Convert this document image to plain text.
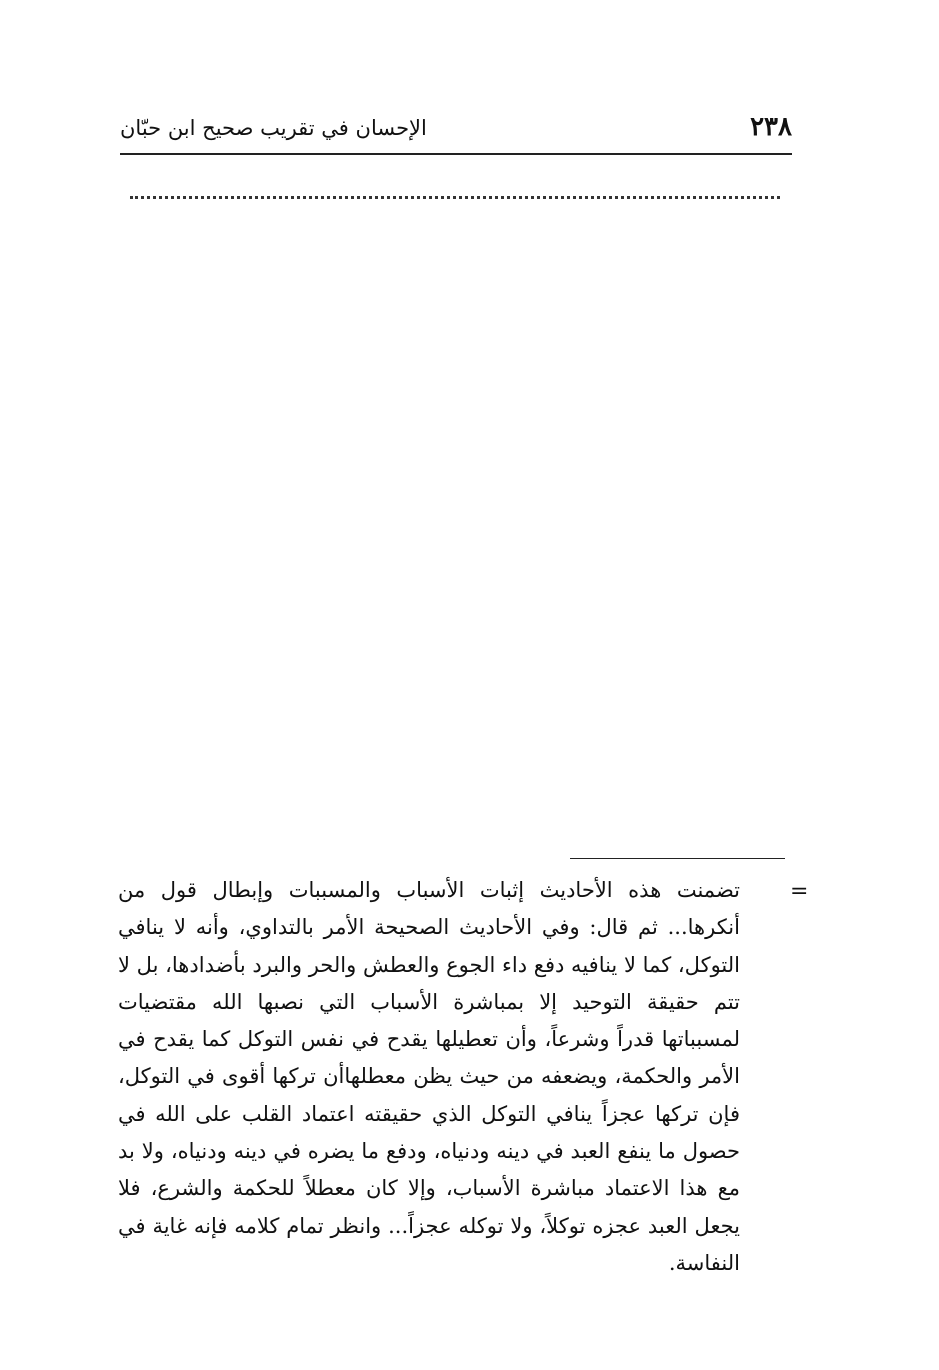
٢٣٨
الإحسان في تقريب صحيح ابن حبّان
=
تضمنت هذه الأحاديث إثبات الأسباب والمسببات وإبطال قول من أنكرها... ثم قال: وفي الأحاديث الصحيحة الأمر بالتداوي، وأنه لا ينافي التوكل، كما لا ينافيه دفع داء الجوع والعطش والحر والبرد بأضدادها، بل لا تتم حقيقة التوحيد إلا بمباشرة الأسباب التي نصبها الله مقتضيات لمسبباتها قدراً وشرعاً، وأن تعطيلها يقدح في نفس التوكل كما يقدح في الأمر والحكمة، ويضعفه من حيث يظن معطلهاأن تركها أقوى في التوكل، فإن تركها عجزاً ينافي التوكل الذي حقيقته اعتماد القلب على الله في حصول ما ينفع العبد في دينه ودنياه، ودفع ما يضره في دينه ودنياه، ولا بد مع هذا الاعتماد مباشرة الأسباب، وإلا كان معطلاً للحكمة والشرع، فلا يجعل العبد عجزه توكلاً، ولا توكله عجزاً... وانظر تمام كلامه فإنه غاية في النفاسة.
